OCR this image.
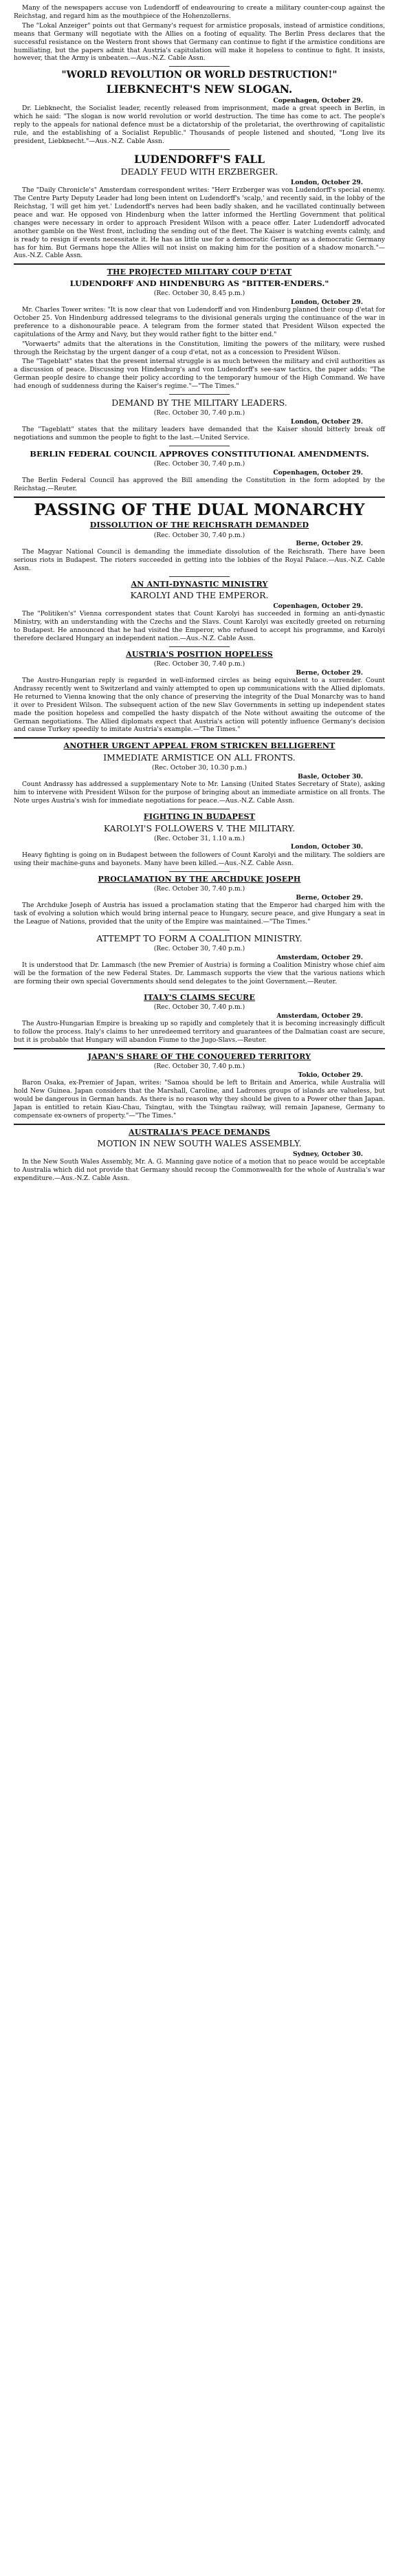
Many of the newspapers accuse von Ludendorff of endeavouring to create a military counter-coup against the Reichstag, and regard him as the mouthpiece of the Hohenzollerns.
The "Lokal Anzeiger" points out that Germany's request for armistice proposals, instead of armistice conditions, means that Germany will negotiate with the Allies on a footing of equality. The Berlin Press declares that the successful resistance on the Western front shows that Germany can continue to fight if the armistice conditions are humiliating, but the papers admit that Austria's capitulation will make it hopeless to continue to fight. It insists, however, that the Army is unbeaten.—Aus.-N.Z. Cable Assn.
"WORLD REVOLUTION OR WORLD DESTRUCTION!"
LIEBKNECHT'S NEW SLOGAN.
Copenhagen, October 29.
Dr. Liebknecht, the Socialist leader, recently released from imprisonment, made a great speech in Berlin, in which he said: "The slogan is now world revolution or world destruction. The time has come to act. The people's reply to the appeals for national defence must be a dictatorship of the proletariat, the overthrowing of capitalistic rule, and the establishing of a Socialist Republic." Thousands of people listened and shouted, "Long live its president, Liebknecht."—Aus.-N.Z. Cable Assn.
LUDENDORFF'S FALL
DEADLY FEUD WITH ERZBERGER.
London, October 29.
The "Daily Chronicle's" Amsterdam correspondent writes: "Herr Erzberger was von Ludendorff's special enemy. The Centre Party Deputy Leader had long been intent on Ludendorff's 'scalp,' and recently said, in the lobby of the Reichstag, 'I will get him yet.' Ludendorff's nerves had been badly shaken, and he vacillated continually between peace and war. He opposed von Hindenburg when the latter informed the Hertling Government that political changes were necessary in order to approach President Wilson with a peace offer. Later Ludendorff advocated another gamble on the West front, including the sending out of the fleet. The Kaiser is watching events calmly, and is ready to resign if events necessitate it. He has as little use for a democratic Germany as a democratic Germany has for him. But Germans hope the Allies will not insist on making him for the position of a shadow monarch."—Aus.-N.Z. Cable Assn.
THE PROJECTED MILITARY COUP D'ETAT
LUDENDORFF AND HINDENBURG AS "BITTER-ENDERS."
(Rec. October 30, 8.45 p.m.)
London, October 29.
Mr. Charles Tower writes: "It is now clear that von Ludendorff and von Hindenburg planned their coup d'etat for October 25. Von Hindenburg addressed telegrams to the divisional generals urging the continuance of the war in preference to a dishonourable peace. A telegram from the former stated that President Wilson expected the capitulations of the Army and Navy, but they would rather fight to the bitter end."
"Vorwaerts" admits that the alterations in the Constitution, limiting the powers of the military, were rushed through the Reichstag by the urgent danger of a coup d'etat, not as a concession to President Wilson.
The "Tageblatt" states that the present internal struggle is as much between the military and civil authorities as a discussion of peace. Discussing von Hindenburg's and von Ludendorff's see-saw tactics, the paper adds: "The German people desire to change their policy according to the temporary humour of the High Command. We have had enough of suddenness during the Kaiser's regime."—"The Times."
DEMAND BY THE MILITARY LEADERS.
(Rec. October 30, 7.40 p.m.)
London, October 29.
The "Tageblatt" states that the military leaders have demanded that the Kaiser should bitterly break off negotiations and summon the people to fight to the last.—United Service.
BERLIN FEDERAL COUNCIL APPROVES CONSTITUTIONAL AMENDMENTS.
(Rec. October 30, 7.40 p.m.)
Copenhagen, October 29.
The Berlin Federal Council has approved the Bill amending the Constitution in the form adopted by the Reichstag.—Reuter.
PASSING OF THE DUAL MONARCHY
DISSOLUTION OF THE REICHSRATH DEMANDED
(Rec. October 30, 7.40 p.m.)
Berne, October 29.
The Magyar National Council is demanding the immediate dissolution of the Reichsrath. There have been serious riots in Budapest. The rioters succeeded in getting into the lobbies of the Royal Palace.—Aus.-N.Z. Cable Assn.
AN ANTI-DYNASTIC MINISTRY
KAROLYI AND THE EMPEROR.
Copenhagen, October 29.
The "Politiken's" Vienna correspondent states that Count Karolyi has succeeded in forming an anti-dynastic Ministry, with an understanding with the Czechs and the Slavs. Count Karolyi was excitedly greeted on returning to Budapest. He announced that he had visited the Emperor, who refused to accept his programme, and Karolyi therefore declared Hungary an independent nation.—Aus.-N.Z. Cable Assn.
AUSTRIA'S POSITION HOPELESS
(Rec. October 30, 7.40 p.m.)
Berne, October 29.
The Austro-Hungarian reply is regarded in well-informed circles as being equivalent to a surrender. Count Andrassy recently went to Switzerland and vainly attempted to open up communications with the Allied diplomats. He returned to Vienna knowing that the only chance of preserving the integrity of the Dual Monarchy was to hand it over to President Wilson. The subsequent action of the new Slav Governments in setting up independent states made the position hopeless and compelled the hasty dispatch of the Note without awaiting the outcome of the German negotiations. The Allied diplomats expect that Austria's action will potently influence Germany's decision and cause Turkey speedily to imitate Austria's example.—"The Times."
ANOTHER URGENT APPEAL FROM STRICKEN BELLIGERENT
IMMEDIATE ARMISTICE ON ALL FRONTS.
(Rec. October 30, 10.30 p.m.)
Basle, October 30.
Count Andrassy has addressed a supplementary Note to Mr. Lansing (United States Secretary of State), asking him to intervene with President Wilson for the purpose of bringing about an immediate armistice on all fronts. The Note urges Austria's wish for immediate negotiations for peace.—Aus.-N.Z. Cable Assn.
FIGHTING IN BUDAPEST
KAROLYI'S FOLLOWERS V. THE MILITARY.
(Rec. October 31, 1.10 a.m.)
London, October 30.
Heavy fighting is going on in Budapest between the followers of Count Karolyi and the military. The soldiers are using their machine-guns and bayonets. Many have been killed.—Aus.-N.Z. Cable Assn.
PROCLAMATION BY THE ARCHDUKE JOSEPH
(Rec. October 30, 7.40 p.m.)
Berne, October 29.
The Archduke Joseph of Austria has issued a proclamation stating that the Emperor had charged him with the task of evolving a solution which would bring internal peace to Hungary, secure peace, and give Hungary a seat in the League of Nations, provided that the unity of the Empire was maintained.—"The Times."
ATTEMPT TO FORM A COALITION MINISTRY.
(Rec. October 30, 7.40 p.m.)
Amsterdam, October 29.
It is understood that Dr. Lammasch (the new Premier of Austria) is forming a Coalition Ministry whose chief aim will be the formation of the new Federal States. Dr. Lammasch supports the view that the various nations which are forming their own special Governments should send delegates to the joint Government.—Reuter.
ITALY'S CLAIMS SECURE
(Rec. October 30, 7.40 p.m.)
Amsterdam, October 29.
The Austro-Hungarian Empire is breaking up so rapidly and completely that it is becoming increasingly difficult to follow the process. Italy's claims to her unredeemed territory and guarantees of the Dalmatian coast are secure, but it is probable that Hungary will abandon Fiume to the Jugo-Slavs.—Reuter.
JAPAN'S SHARE OF THE CONQUERED TERRITORY
(Rec. October 30, 7.40 p.m.)
Tokio, October 29.
Baron Osaka, ex-Premier of Japan, writes: "Samoa should be left to Britain and America, while Australia will hold New Guinea. Japan considers that the Marshall, Caroline, and Ladrones groups of islands are valueless, but would be dangerous in German hands. As there is no reason why they should be given to a Power other than Japan. Japan is entitled to retain Kiau-Chau, Tsingtau, with the Tsingtau railway, will remain Japanese, Germany to compensate ex-owners of property."—"The Times."
AUSTRALIA'S PEACE DEMANDS
MOTION IN NEW SOUTH WALES ASSEMBLY.
Sydney, October 30.
In the New South Wales Assembly, Mr. A. G. Manning gave notice of a motion that no peace would be acceptable to Australia which did not provide that Germany should recoup the Commonwealth for the whole of Australia's war expenditure.—Aus.-N.Z. Cable Assn.
